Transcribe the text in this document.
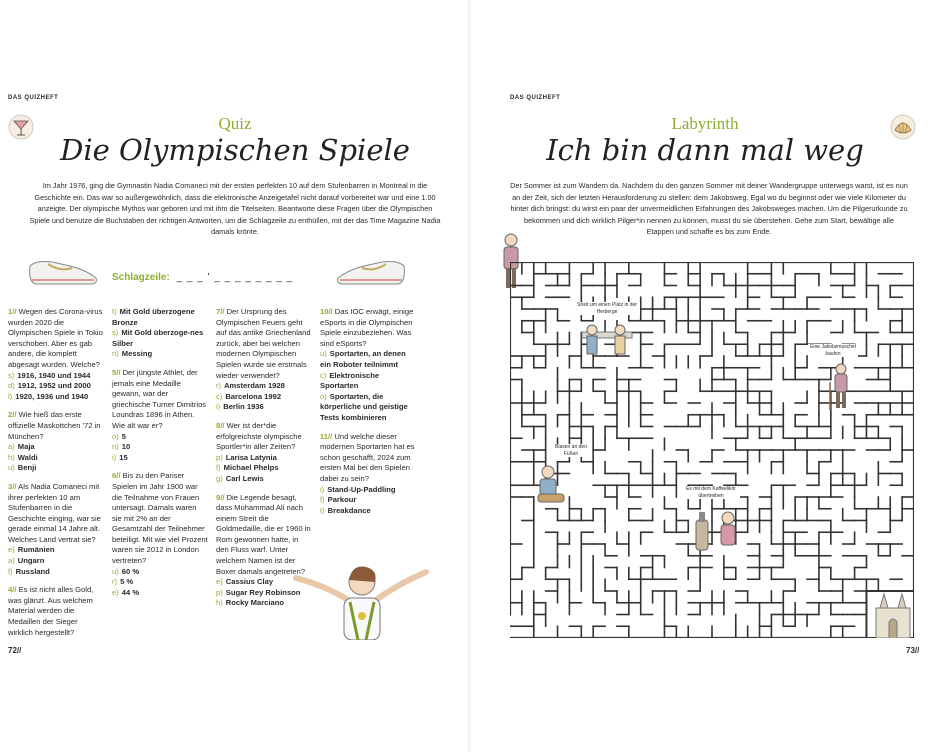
DAS QUIZHEFT
Quiz
Die Olympischen Spiele
Im Jahr 1976, ging die Gymnastin Nadia Comaneci mit der ersten perfekten 10 auf dem Stufenbarren in Montreal in die Geschichte ein. Das war so außergewöhnlich, dass die elektronische Anzeigetafel nicht darauf vorbereitet war und eine 1.00 anzeigte. Der olympische Mythos war geboren und mit ihm die Titelseiten. Beantworte diese Fragen über die Olympischen Spiele und benutze die Buchstaben der richtigen Antworten, um die Schlagzeile zu enthüllen, mit der das Time Magazine Nadia damals krönte.
Schlagzeile: _ _ _ ' _ _ _ _ _ _ _ _

1// Wegen des Corona-virus wurden 2020 die Olympischen Spiele in Tokio verschoben. Aber es gab andere, die komplett abgesagt wurden. Welche?
s) 1916, 1940 und 1944
d) 1912, 1952 und 2000
l) 1920, 1936 und 1940

2// Wie hieß das erste offizielle Maskottchen '72 in München?
a) Maja
h) Waldi
u) Benji

3// Als Nadia Comaneci mit ihrer perfekten 10 am Stufenbarren in die Geschichte einging, war sie gerade einmal 14 Jahre alt. Welches Land vertrat sie?
e) Rumänien
a) Ungarn
f) Russland

4// Es ist nicht alles Gold, was glänzt. Aus welchem Material werden die Medaillen der Sieger wirklich hergestellt?

t) Mit Gold überzogene Bronze
s) Mit Gold überzoge-nes Silber
n) Messing

5// Der jüngste Athlet, der jemals eine Medaille gewann, war der griechische Turner Dimitrios Loundras 1896 in Athen. Wie alt war er?
o) 5
n) 10
i) 15

6// Bis zu den Pariser Spielen im Jahr 1900 war die Teilnahme von Frauen untersagt. Damals waren sie mit 2% an der Gesamtzahl der Teilnehmer beteiligt. Mit wie viel Prozent waren sie 2012 in London vertreten?
u) 60 %
r) 5 %
e) 44 %

7// Der Ursprung des Olympischen Feuers geht auf das antike Griechenland zurück, aber bei welchen modernen Olympischen Spielen wurde sie erstmals wieder verwendet?
r) Amsterdam 1928
c) Barcelona 1992
i) Berlin 1936

8// Wer ist der*die erfolgreichste olympische Sportler*in aller Zeiten?
p) Larisa Latynia
f) Michael Phelps
g) Carl Lewis

9// Die Legende besagt, dass Muhammad Ali nach einem Streit die Goldmedaille, die er 1960 in Rom gewonnen hatte, in den Fluss warf. Unter welchem Namen ist der Boxer damals angetreten?
e) Cassius Clay
p) Sugar Rey Robinson
h) Rocky Marciano

10// Das IOC erwägt, einige eSports in die Olympischen Spiele einzubeziehen. Was sind eSports?
u) Sportarten, an denen ein Roboter teilnimmt
c) Elektronische Sportarten
o) Sportarten, die körperliche und geistige Tests kombinieren

11// Und welche dieser modernen Sportarten hat es schon geschafft, 2024 zum ersten Mal bei den Spielen dabei zu sein?
i) Stand-Up-Paddling
f) Parkour
t) Breakdance

72//
DAS QUIZHEFT
Labyrinth
Ich bin dann mal weg
Der Sommer ist zum Wandern da. Nachdem du den ganzen Sommer mit deiner Wandergruppe unterwegs warst, ist es nun an der Zeit, sich der letzten Herausforderung zu stellen: dem Jakobsweg. Egal wo du beginnst oder wie viele Kilometer du hinter dich bringst: du wirst ein paar der unvermeidlichen Erfahrungen des Jakobsweges machen. Um die Pilgerurkunde zu bekommen und dich wirklich Pilger*in nennen zu können, musst du sie überstehen. Gehe zum Start, bewältige alle Etappen und schaffe es bis zum Ende.
Streit um einen Platz in der Herberge
Eine Jakobsmuschel kaufen
Blasen an den Füßen
Es mit dem Kaffeelikör übertreiben
73//
